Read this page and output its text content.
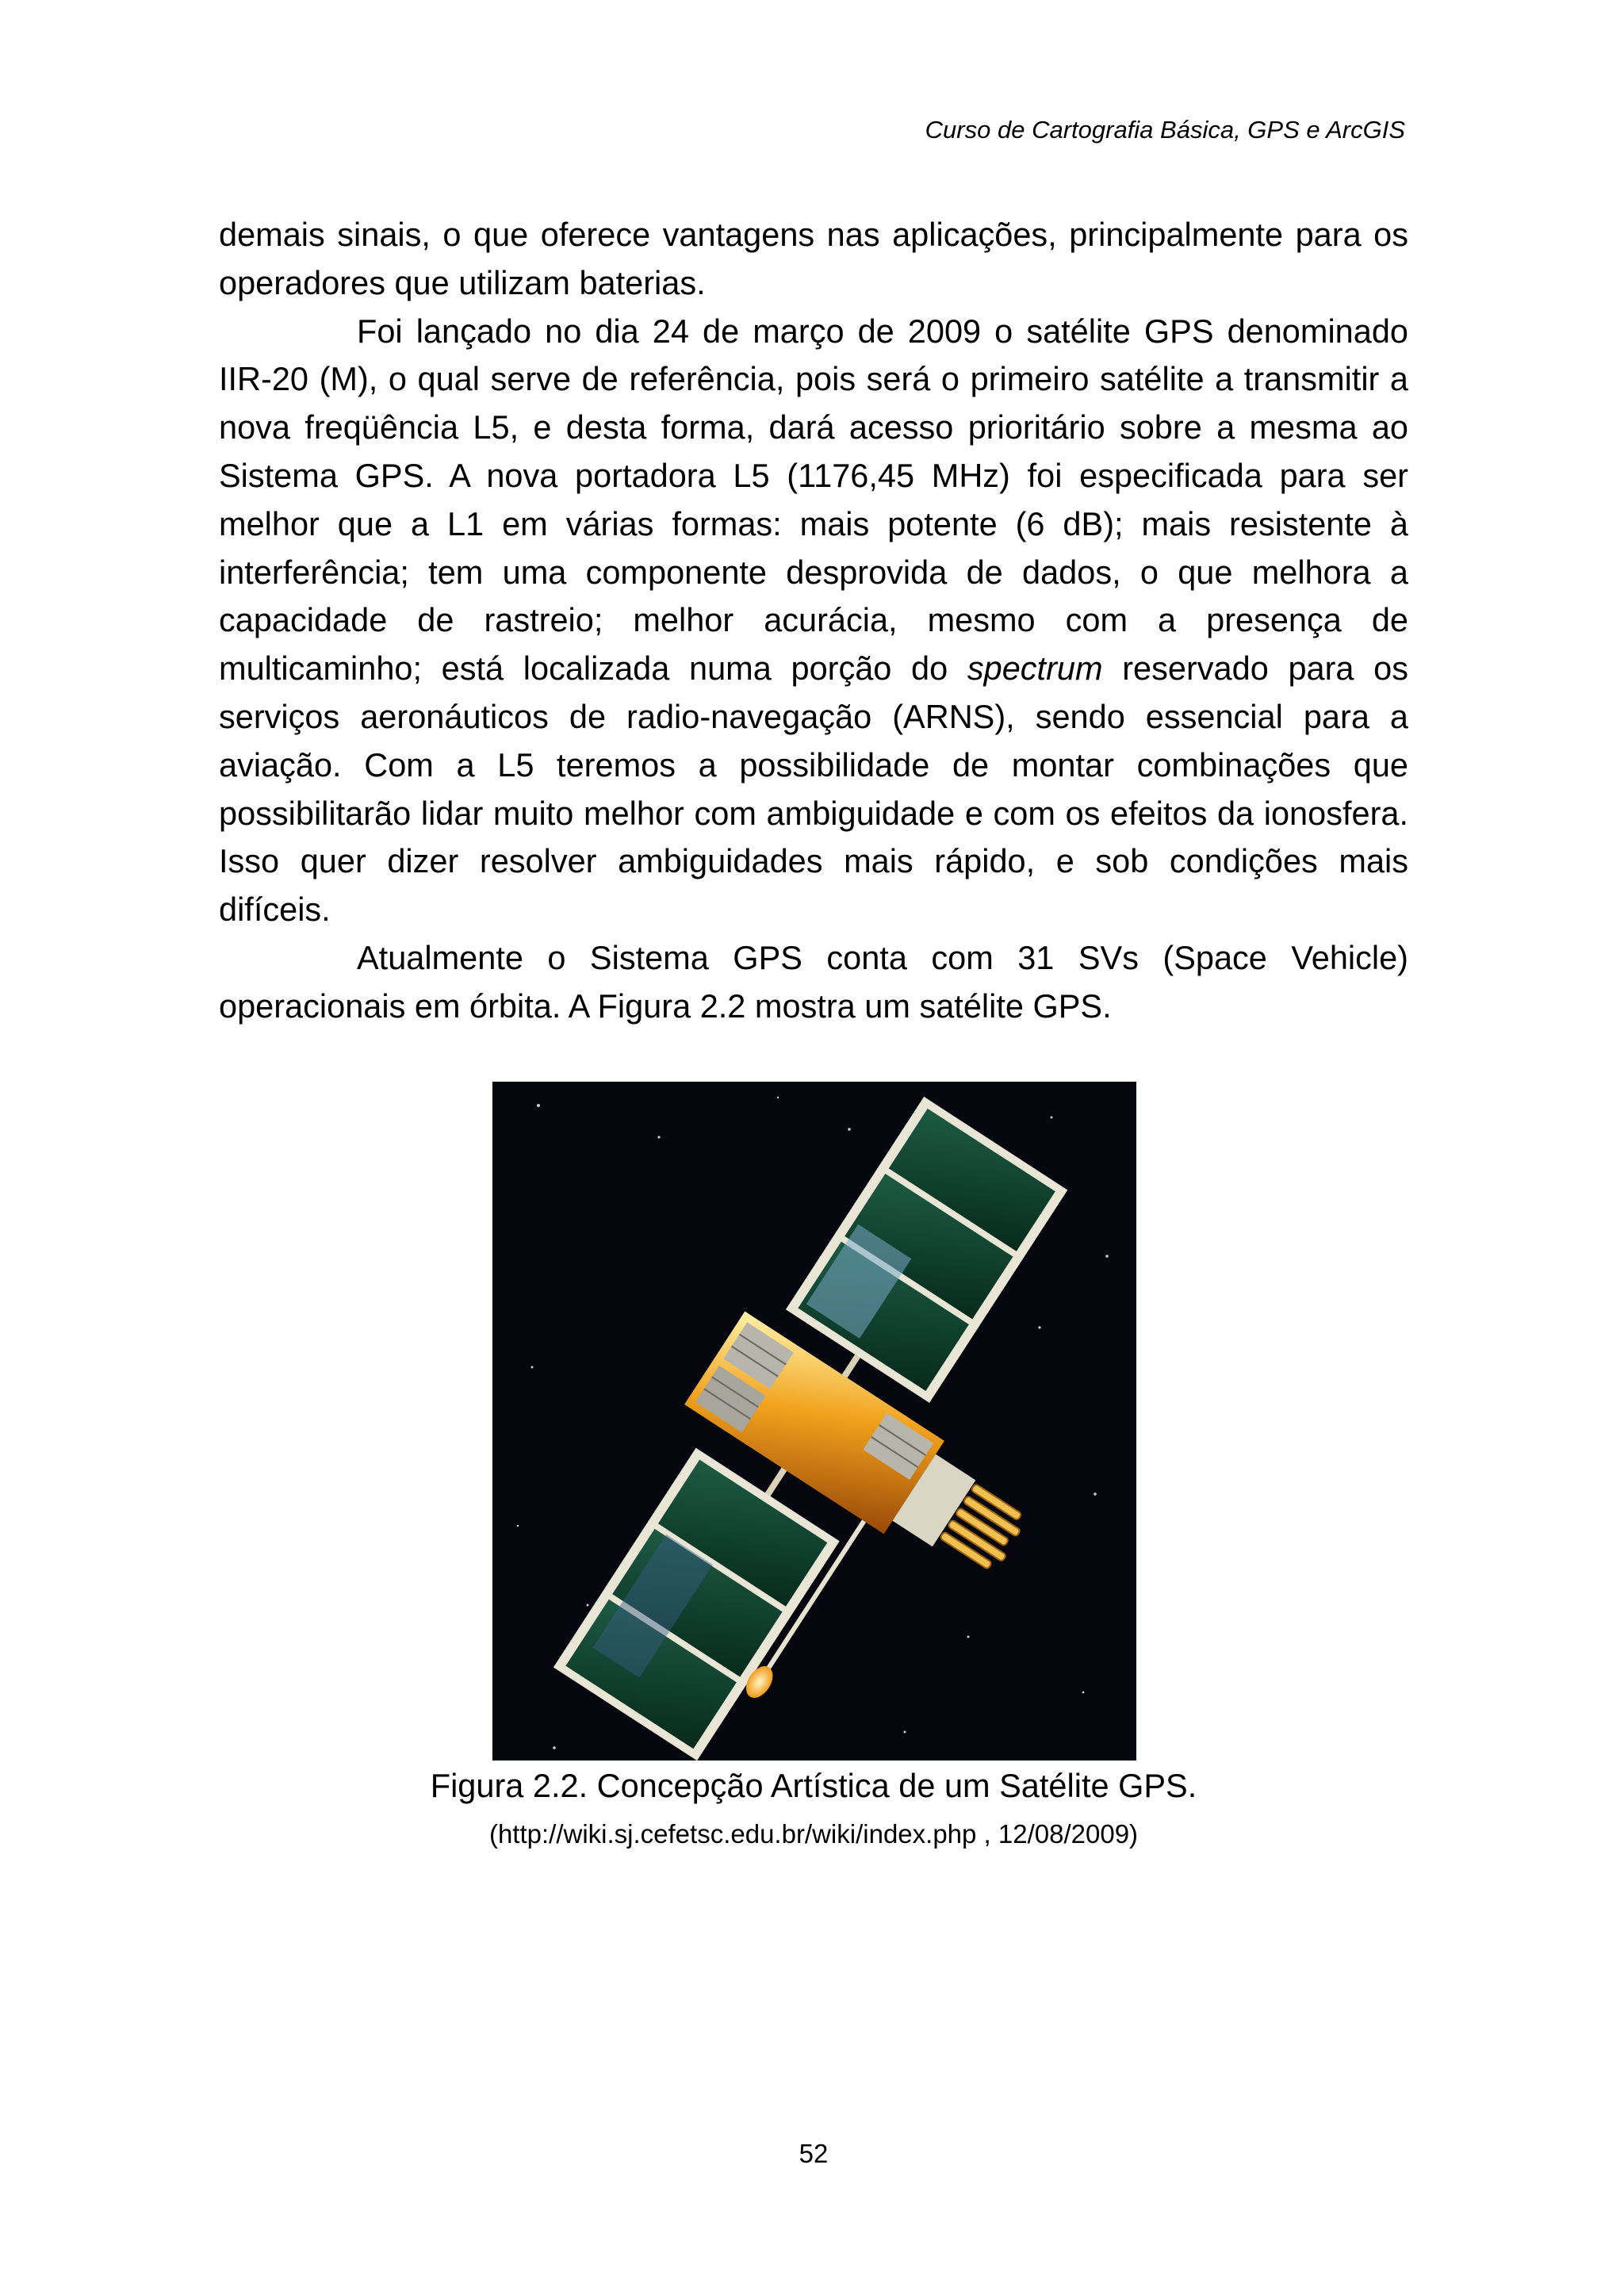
Curso de Cartografia Básica, GPS e ArcGIS

demais sinais, o que oferece vantagens nas aplicações, principalmente para os operadores que utilizam baterias.

Foi lançado no dia 24 de março de 2009 o satélite GPS denominado IIR-20 (M), o qual serve de referência, pois será o primeiro satélite a transmitir a nova freqüência L5, e desta forma, dará acesso prioritário sobre a mesma ao Sistema GPS. A nova portadora L5 (1176,45 MHz) foi especificada para ser melhor que a L1 em várias formas: mais potente (6 dB); mais resistente à interferência; tem uma componente desprovida de dados, o que melhora a capacidade de rastreio; melhor acurácia, mesmo com a presença de multicaminho; está localizada numa porção do spectrum reservado para os serviços aeronáuticos de radio-navegação (ARNS), sendo essencial para a aviação. Com a L5 teremos a possibilidade de montar combinações que possibilitarão lidar muito melhor com ambiguidade e com os efeitos da ionosfera. Isso quer dizer resolver ambiguidades mais rápido, e sob condições mais difíceis.

Atualmente o Sistema GPS conta com 31 SVs (Space Vehicle) operacionais em órbita. A Figura 2.2 mostra um satélite GPS.

Figura 2.2. Concepção Artística de um Satélite GPS.
(http://wiki.sj.cefetsc.edu.br/wiki/index.php , 12/08/2009)
52
